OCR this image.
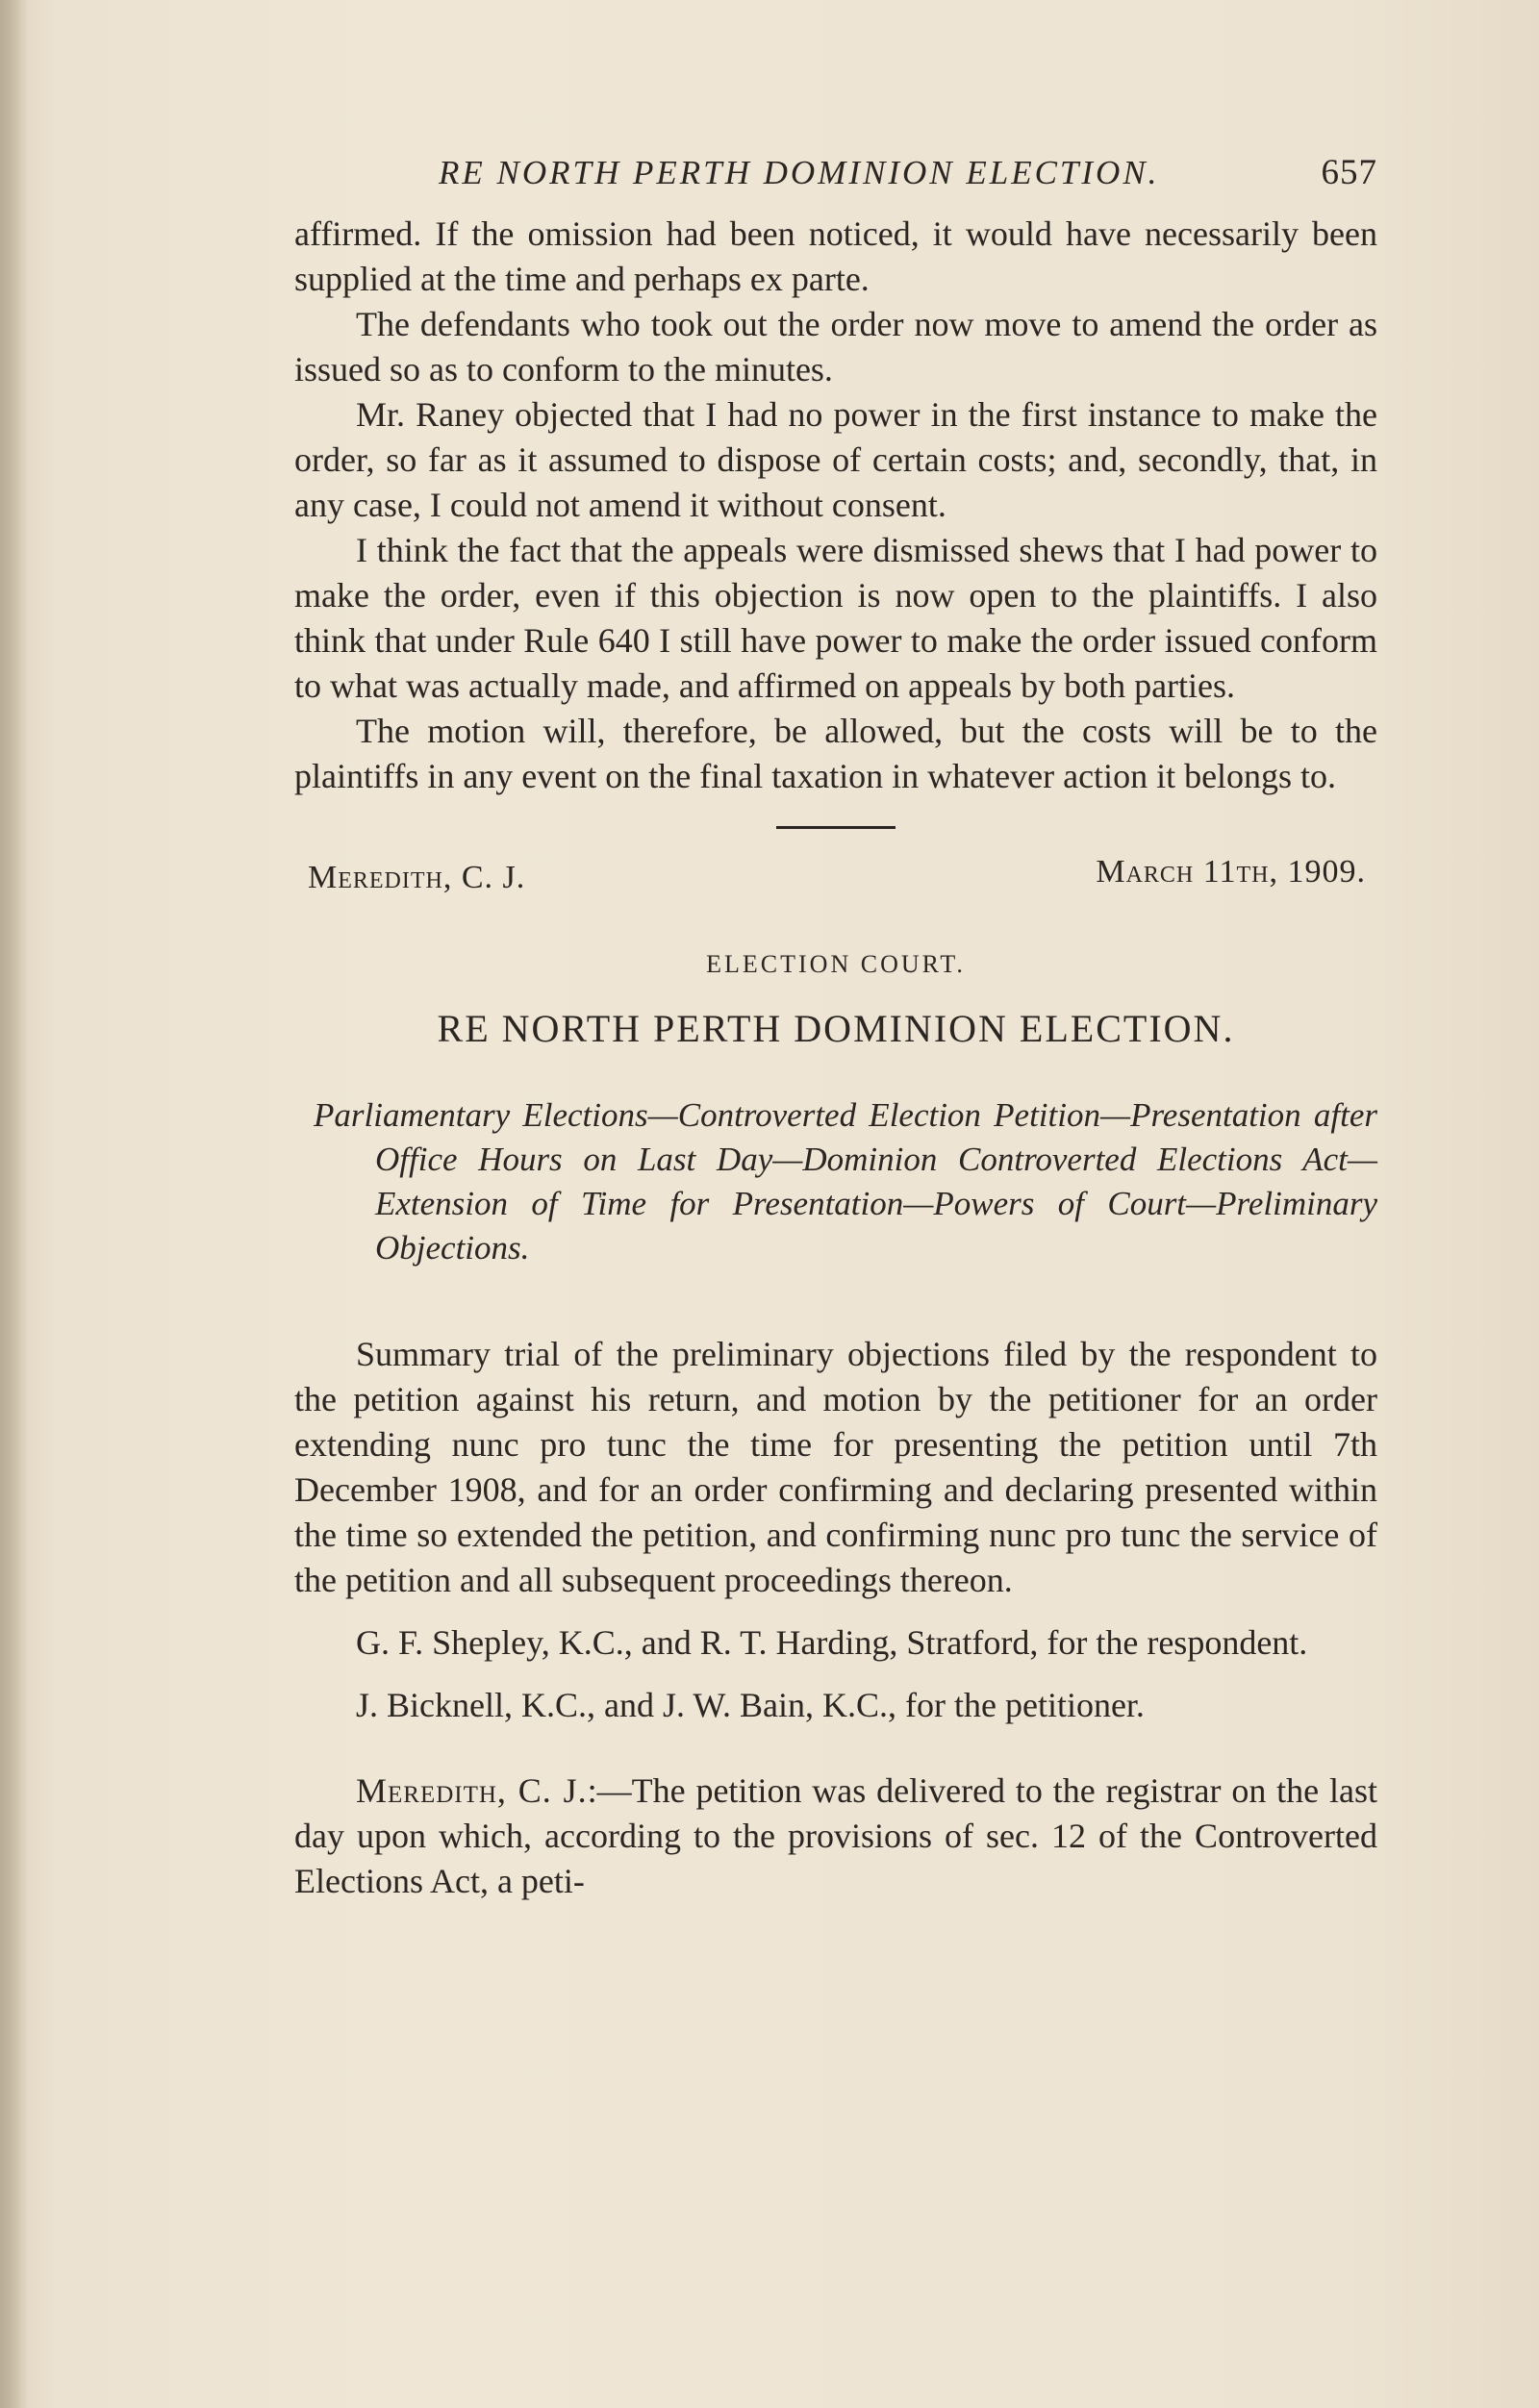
RE NORTH PERTH DOMINION ELECTION.	657

affirmed. If the omission had been noticed, it would have necessarily been supplied at the time and perhaps ex parte.

The defendants who took out the order now move to amend the order as issued so as to conform to the minutes.

Mr. Raney objected that I had no power in the first instance to make the order, so far as it assumed to dispose of certain costs; and, secondly, that, in any case, I could not amend it without consent.

I think the fact that the appeals were dismissed shews that I had power to make the order, even if this objection is now open to the plaintiffs. I also think that under Rule 640 I still have power to make the order issued conform to what was actually made, and affirmed on appeals by both parties.

The motion will, therefore, be allowed, but the costs will be to the plaintiffs in any event on the final taxation in whatever action it belongs to.

Meredith, C. J.	March 11th, 1909.
ELECTION COURT.
RE NORTH PERTH DOMINION ELECTION.

Parliamentary Elections—Controverted Election Petition—Presentation after Office Hours on Last Day—Dominion Controverted Elections Act—Extension of Time for Presentation—Powers of Court—Preliminary Objections.

Summary trial of the preliminary objections filed by the respondent to the petition against his return, and motion by the petitioner for an order extending nunc pro tunc the time for presenting the petition until 7th December 1908, and for an order confirming and declaring presented within the time so extended the petition, and confirming nunc pro tunc the service of the petition and all subsequent proceedings thereon.

G. F. Shepley, K.C., and R. T. Harding, Stratford, for the respondent.

J. Bicknell, K.C., and J. W. Bain, K.C., for the petitioner.

Meredith, C. J.:—The petition was delivered to the registrar on the last day upon which, according to the provisions of sec. 12 of the Controverted Elections Act, a peti-
